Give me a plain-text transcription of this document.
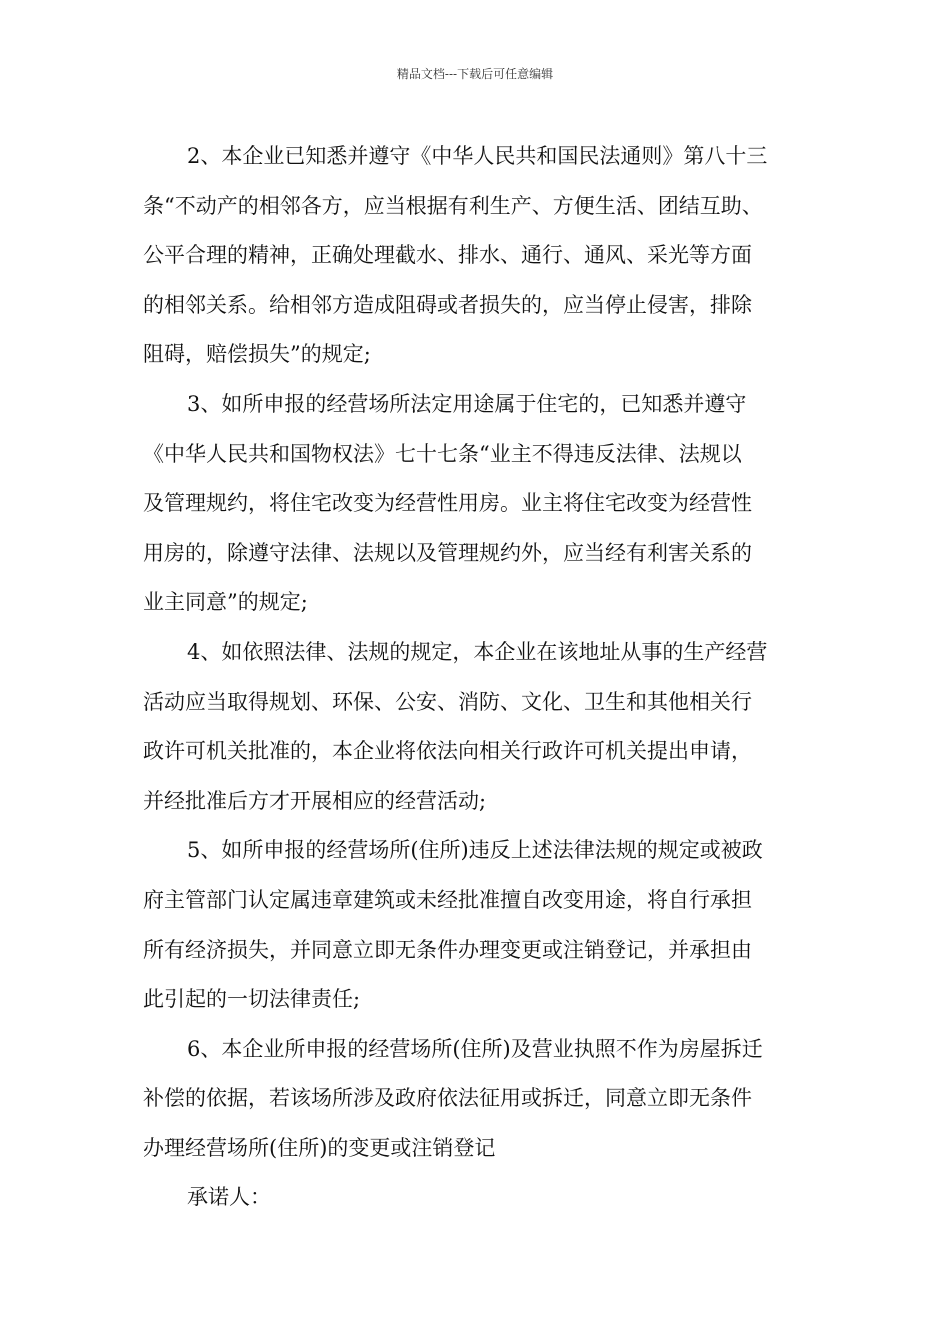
精品文档---下载后可任意编辑
2、本企业已知悉并遵守《中华人民共和国民法通则》第八十三
条“不动产的相邻各方，应当根据有利生产、方便生活、团结互助、
公平合理的精神，正确处理截水、排水、通行、通风、采光等方面
的相邻关系。给相邻方造成阻碍或者损失的，应当停止侵害，排除
阻碍，赔偿损失”的规定;
3、如所申报的经营场所法定用途属于住宅的，已知悉并遵守
《中华人民共和国物权法》七十七条“业主不得违反法律、法规以
及管理规约，将住宅改变为经营性用房。业主将住宅改变为经营性
用房的，除遵守法律、法规以及管理规约外，应当经有利害关系的
业主同意”的规定;
4、如依照法律、法规的规定，本企业在该地址从事的生产经营
活动应当取得规划、环保、公安、消防、文化、卫生和其他相关行
政许可机关批准的，本企业将依法向相关行政许可机关提出申请，
并经批准后方才开展相应的经营活动;
5、如所申报的经营场所(住所)违反上述法律法规的规定或被政
府主管部门认定属违章建筑或未经批准擅自改变用途，将自行承担
所有经济损失，并同意立即无条件办理变更或注销登记，并承担由
此引起的一切法律责任;
6、本企业所申报的经营场所(住所)及营业执照不作为房屋拆迁
补偿的依据，若该场所涉及政府依法征用或拆迁，同意立即无条件
办理经营场所(住所)的变更或注销登记
承诺人：
